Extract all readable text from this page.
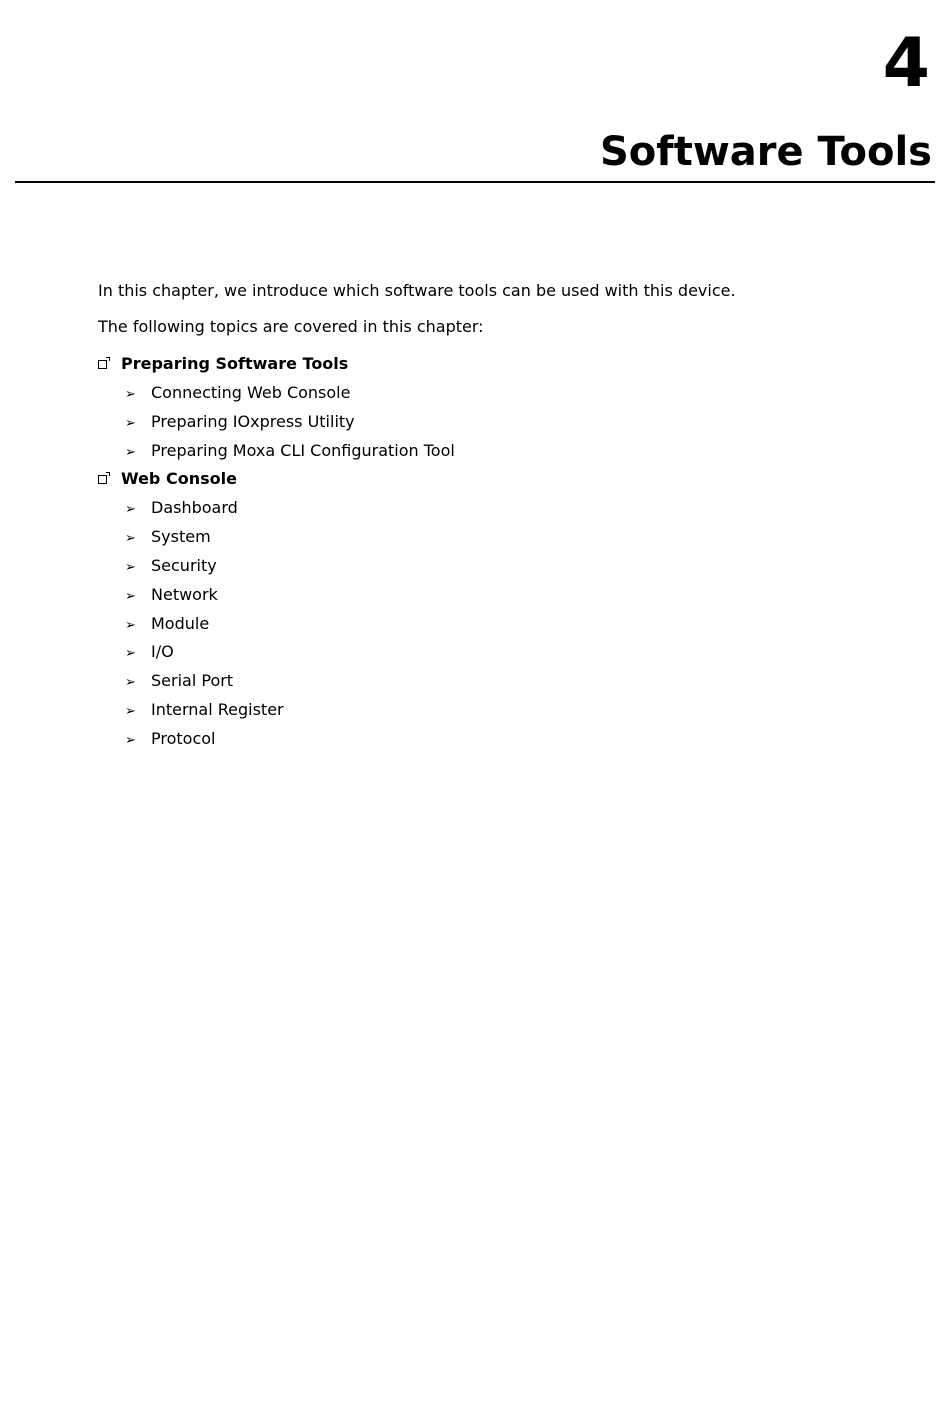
4
Software Tools
In this chapter, we introduce which software tools can be used with this device.
The following topics are covered in this chapter:
Preparing Software Tools
➢ Connecting Web Console
➢ Preparing IOxpress Utility
➢ Preparing Moxa CLI Configuration Tool
Web Console
➢ Dashboard
➢ System
➢ Security
➢ Network
➢ Module
➢ I/O
➢ Serial Port
➢ Internal Register
➢ Protocol
